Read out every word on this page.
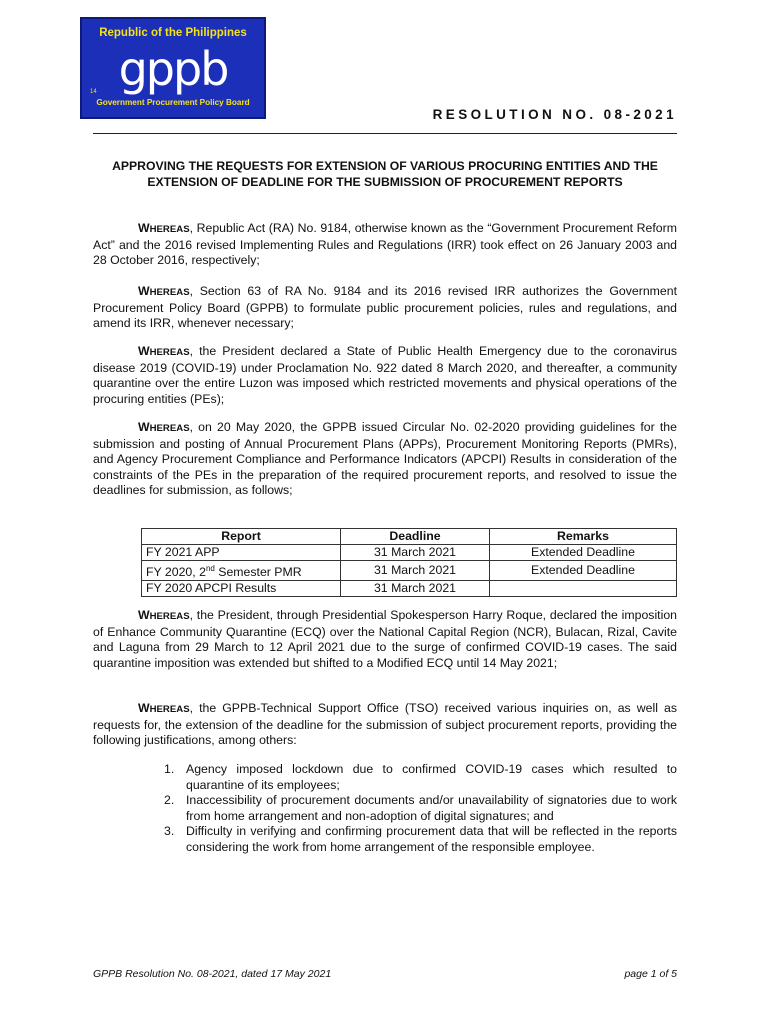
Republic of the Philippines
gppb
14
Government Procurement Policy Board
RESOLUTION NO. 08-2021
APPROVING THE REQUESTS FOR EXTENSION OF VARIOUS PROCURING ENTITIES AND THE EXTENSION OF DEADLINE FOR THE SUBMISSION OF PROCUREMENT REPORTS
WHEREAS, Republic Act (RA) No. 9184, otherwise known as the “Government Procurement Reform Act” and the 2016 revised Implementing Rules and Regulations (IRR) took effect on 26 January 2003 and 28 October 2016, respectively;
WHEREAS, Section 63 of RA No. 9184 and its 2016 revised IRR authorizes the Government Procurement Policy Board (GPPB) to formulate public procurement policies, rules and regulations, and amend its IRR, whenever necessary;
WHEREAS, the President declared a State of Public Health Emergency due to the coronavirus disease 2019 (COVID-19) under Proclamation No. 922 dated 8 March 2020, and thereafter, a community quarantine over the entire Luzon was imposed which restricted movements and physical operations of the procuring entities (PEs);
WHEREAS, on 20 May 2020, the GPPB issued Circular No. 02-2020 providing guidelines for the submission and posting of Annual Procurement Plans (APPs), Procurement Monitoring Reports (PMRs), and Agency Procurement Compliance and Performance Indicators (APCPI) Results in consideration of the constraints of the PEs in the preparation of the required procurement reports, and resolved to issue the deadlines for submission, as follows;
Report	Deadline	Remarks
FY 2021 APP	31 March 2021	Extended Deadline
FY 2020, 2nd Semester PMR	31 March 2021	Extended Deadline
FY 2020 APCPI Results	31 March 2021	
WHEREAS, the President, through Presidential Spokesperson Harry Roque, declared the imposition of Enhance Community Quarantine (ECQ) over the National Capital Region (NCR), Bulacan, Rizal, Cavite and Laguna from 29 March to 12 April 2021 due to the surge of confirmed COVID-19 cases. The said quarantine imposition was extended but shifted to a Modified ECQ until 14 May 2021;
WHEREAS, the GPPB-Technical Support Office (TSO) received various inquiries on, as well as requests for, the extension of the deadline for the submission of subject procurement reports, providing the following justifications, among others:
1. Agency imposed lockdown due to confirmed COVID-19 cases which resulted to quarantine of its employees;
2. Inaccessibility of procurement documents and/or unavailability of signatories due to work from home arrangement and non-adoption of digital signatures; and
3. Difficulty in verifying and confirming procurement data that will be reflected in the reports considering the work from home arrangement of the responsible employee.
GPPB Resolution No. 08-2021, dated 17 May 2021	page 1 of 5
